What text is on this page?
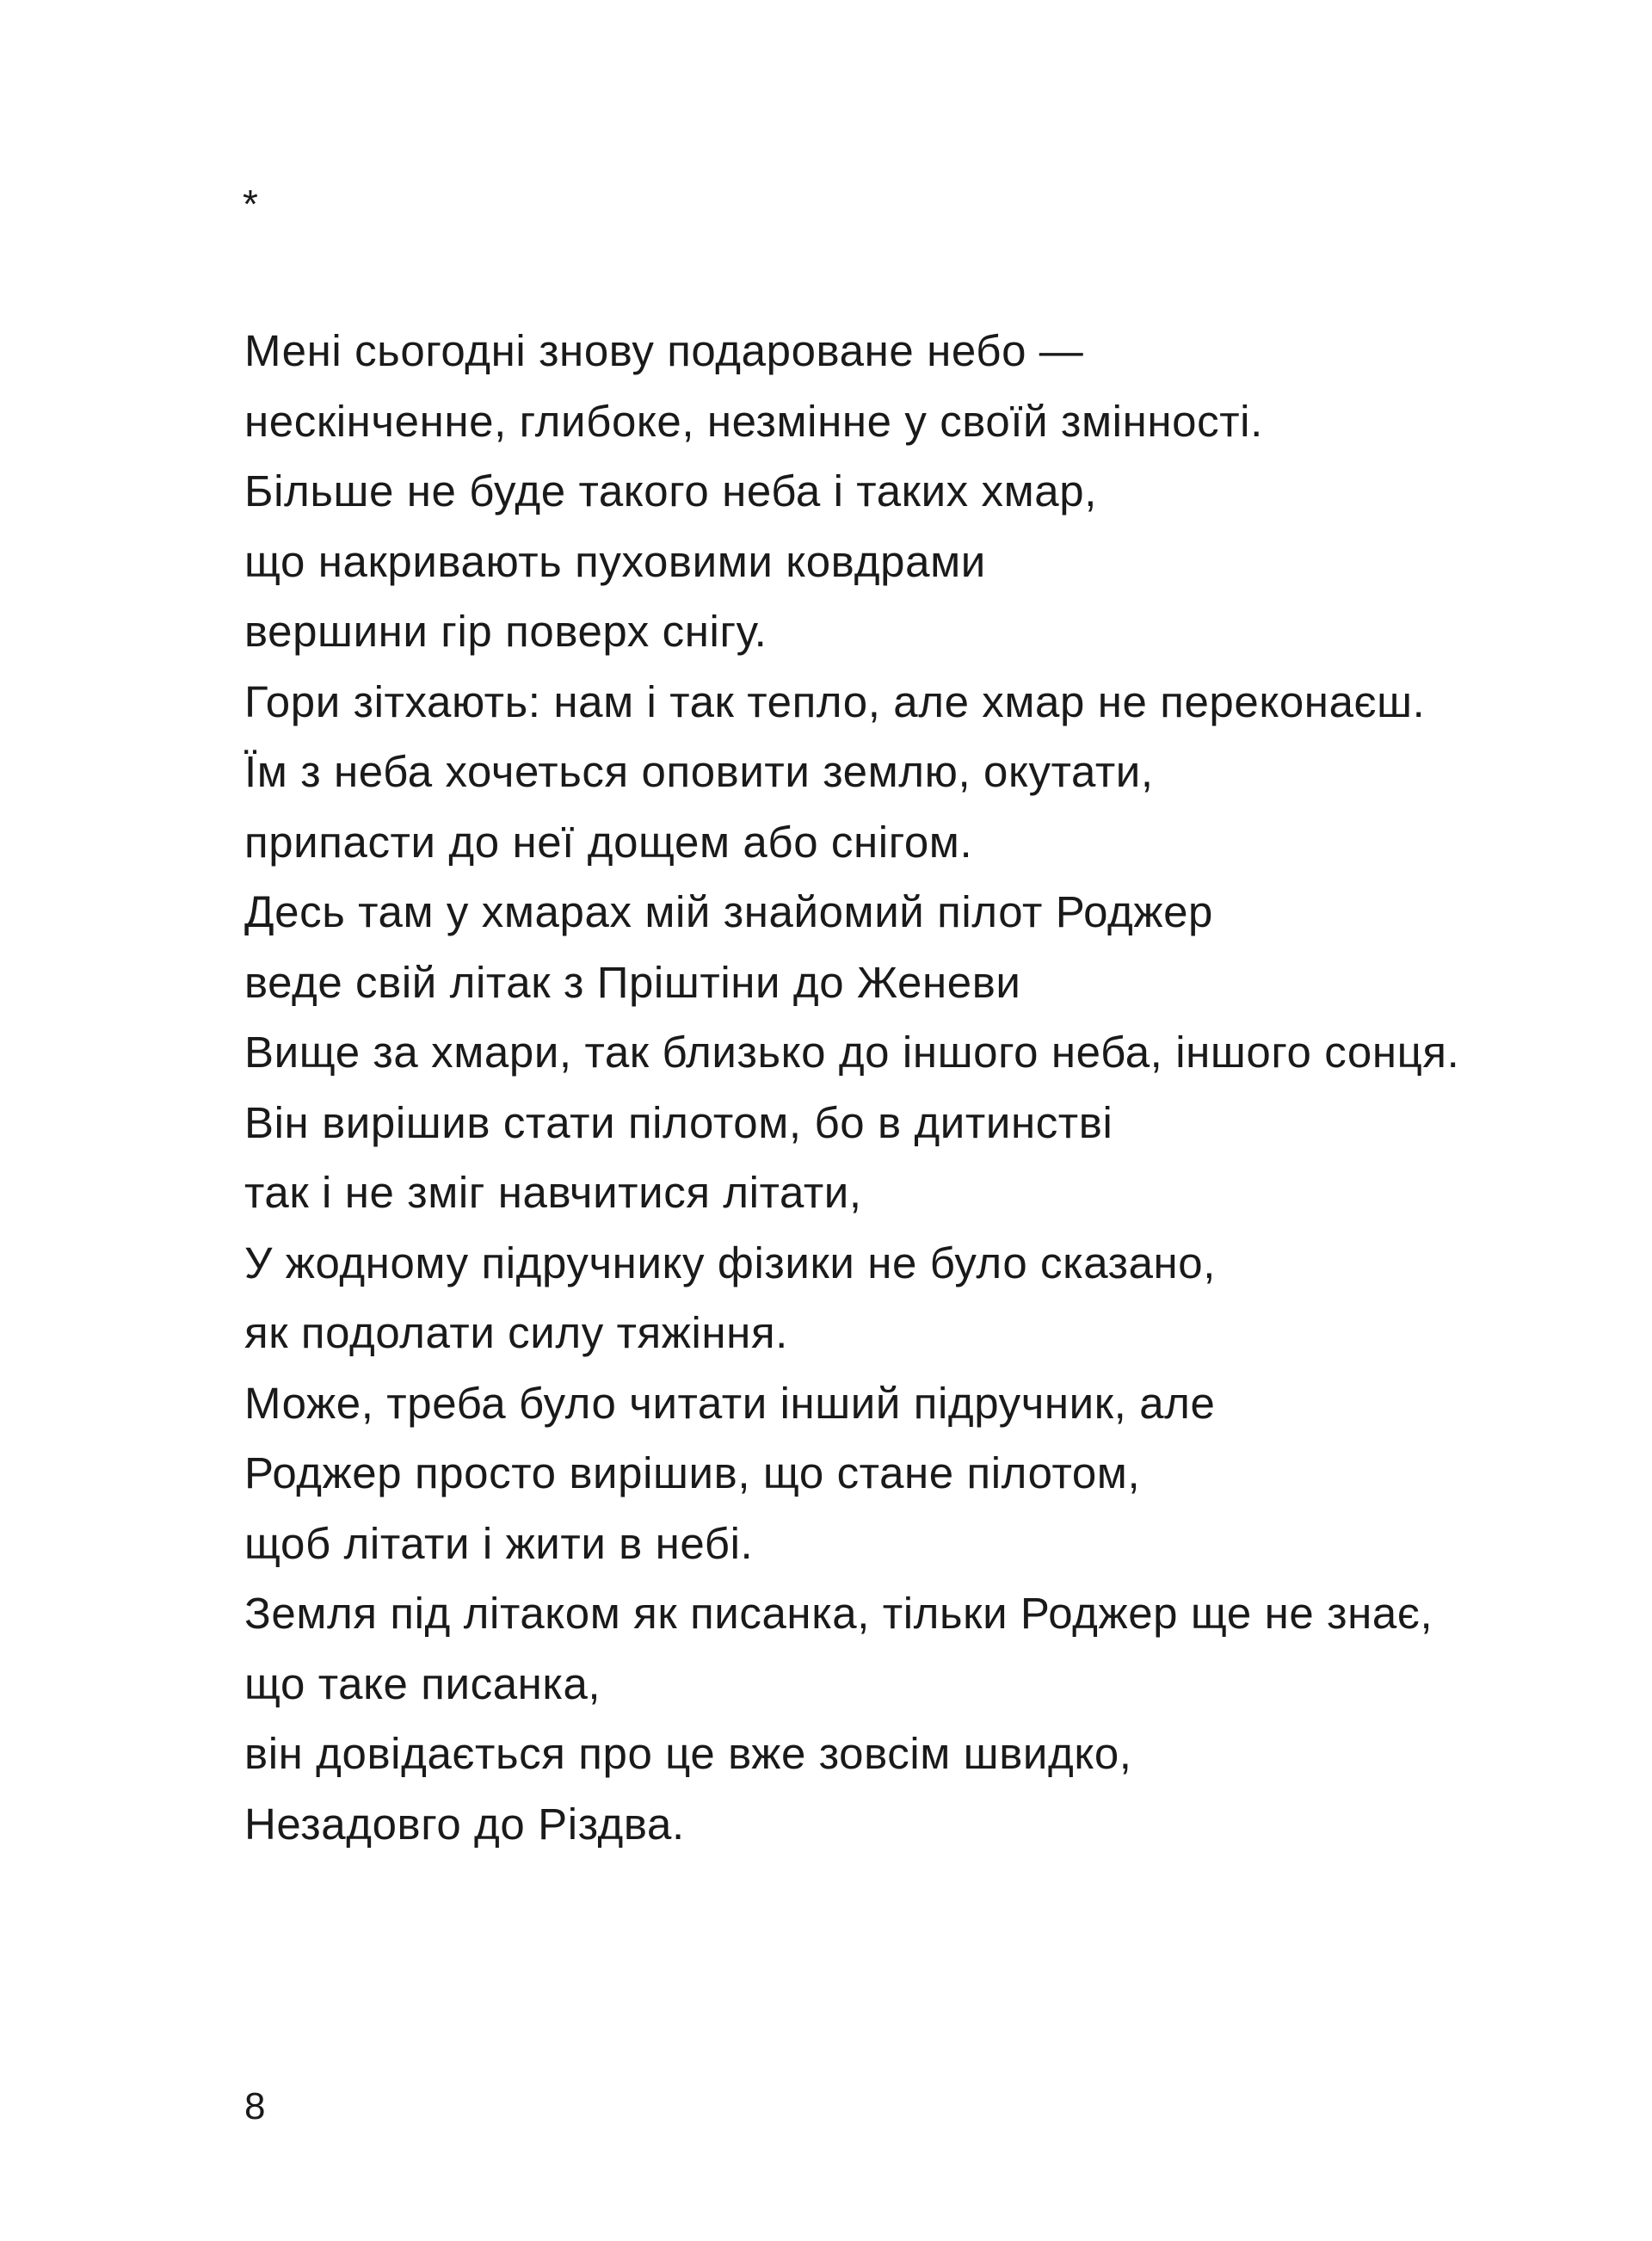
*
Мені сьогодні знову подароване небо —
нескінченне, глибоке, незмінне у своїй змінності.
Більше не буде такого неба і таких хмар,
що накривають пуховими ковдрами
вершини гір поверх снігу.
Гори зітхають: нам і так тепло, але хмар не переконаєш.
Їм з неба хочеться оповити землю, окутати,
припасти до неї дощем або снігом.
Десь там у хмарах мій знайомий пілот Роджер
веде свій літак з Пріштіни до Женеви
Вище за хмари, так близько до іншого неба, іншого сонця.
Він вирішив стати пілотом, бо в дитинстві
так і не зміг навчитися літати,
У жодному підручнику фізики не було сказано,
як подолати силу тяжіння.
Може, треба було читати інший підручник, але
Роджер просто вирішив, що стане пілотом,
щоб літати і жити в небі.
Земля під літаком як писанка, тільки Роджер ще не знає,
що таке писанка,
він довідається про це вже зовсім швидко,
Незадовго до Різдва.
8
